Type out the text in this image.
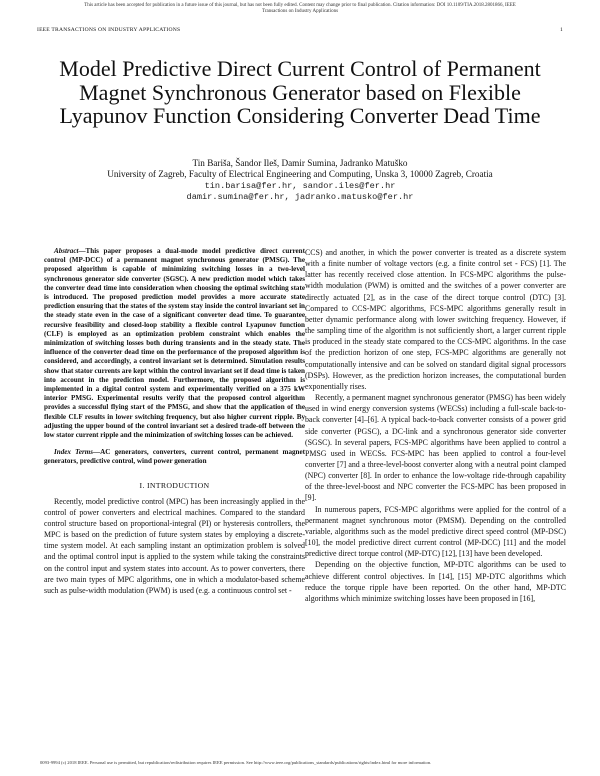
This article has been accepted for publication in a future issue of this journal, but has not been fully edited. Content may change prior to final publication. Citation information: DOI 10.1109/TIA.2018.2801866, IEEE
Transactions on Industry Applications
IEEE TRANSACTIONS ON INDUSTRY APPLICATIONS	1
Model Predictive Direct Current Control of Permanent Magnet Synchronous Generator based on Flexible Lyapunov Function Considering Converter Dead Time
Tin Bariša, Šandor Ileš, Damir Sumina, Jadranko Matuško
University of Zagreb, Faculty of Electrical Engineering and Computing, Unska 3, 10000 Zagreb, Croatia
tin.barisa@fer.hr, sandor.iles@fer.hr
damir.sumina@fer.hr, jadranko.matusko@fer.hr

Abstract—This paper proposes a dual-mode model predictive direct current control (MP-DCC) of a permanent magnet synchronous generator (PMSG). The proposed algorithm is capable of minimizing switching losses in a two-level synchronous generator side converter (SGSC). A new prediction model which takes the converter dead time into consideration when choosing the optimal switching state is introduced. The proposed prediction model provides a more accurate state prediction ensuring that the states of the system stay inside the control invariant set in the steady state even in the case of a significant converter dead time. To guarantee recursive feasibility and closed-loop stability a flexible control Lyapunov function (CLF) is employed as an optimization problem constraint which enables the minimization of switching losses both during transients and in the steady state. The influence of the converter dead time on the performance of the proposed algorithm is considered, and accordingly, a control invariant set is determined. Simulation results show that stator currents are kept within the control invariant set if dead time is taken into account in the prediction model. Furthermore, the proposed algorithm is implemented in a digital control system and experimentally verified on a 375 kW interior PMSG. Experimental results verify that the proposed control algorithm provides a successful flying start of the PMSG, and show that the application of the flexible CLF results in lower switching frequency, but also higher current ripple. By adjusting the upper bound of the control invariant set a desired trade-off between the low stator current ripple and the minimization of switching losses can be achieved.

Index Terms—AC generators, converters, current control, permanent magnet generators, predictive control, wind power generation

I. INTRODUCTION

Recently, model predictive control (MPC) has been increasingly applied in the control of power converters and electrical machines. Compared to the standard control structure based on proportional-integral (PI) or hysteresis controllers, the MPC is based on the prediction of future system states by employing a discrete-time system model. At each sampling instant an optimization problem is solved and the optimal control input is applied to the system while taking the constraints on the control input and system states into account. As to power converters, there are two main types of MPC algorithms, one in which a modulator-based scheme such as pulse-width modulation (PWM) is used (e.g. a continuous control set -

CCS) and another, in which the power converter is treated as a discrete system with a finite number of voltage vectors (e.g. a finite control set - FCS) [1]. The latter has recently received close attention. In FCS-MPC algorithms the pulse-width modulation (PWM) is omitted and the switches of a power converter are directly actuated [2], as in the case of the direct torque control (DTC) [3]. Compared to CCS-MPC algorithms, FCS-MPC algorithms generally result in better dynamic performance along with lower switching frequency. However, if the sampling time of the algorithm is not sufficiently short, a larger current ripple is produced in the steady state compared to the CCS-MPC algorithms. In the case of the prediction horizon of one step, FCS-MPC algorithms are generally not computationally intensive and can be solved on standard digital signal processors (DSPs). However, as the prediction horizon increases, the computational burden exponentially rises.

Recently, a permanent magnet synchronous generator (PMSG) has been widely used in wind energy conversion systems (WECSs) including a full-scale back-to-back converter [4]–[6]. A typical back-to-back converter consists of a power grid side converter (PGSC), a DC-link and a synchronous generator side converter (SGSC). In several papers, FCS-MPC algorithms have been applied to control a PMSG used in WECSs. FCS-MPC has been applied to control a four-level converter [7] and a three-level-boost converter along with a neutral point clamped (NPC) converter [8]. In order to enhance the low-voltage ride-through capability of the three-level-boost and NPC converter the FCS-MPC has been proposed in [9].

In numerous papers, FCS-MPC algorithms were applied for the control of a permanent magnet synchronous motor (PMSM). Depending on the controlled variable, algorithms such as the model predictive direct speed control (MP-DSC) [10], the model predictive direct current control (MP-DCC) [11] and the model predictive direct torque control (MP-DTC) [12], [13] have been developed.

Depending on the objective function, MP-DTC algorithms can be used to achieve different control objectives. In [14], [15] MP-DTC algorithms which reduce the torque ripple have been reported. On the other hand, MP-DTC algorithms which minimize switching losses have been proposed in [16],

0093-9994 (c) 2018 IEEE. Personal use is permitted, but republication/redistribution requires IEEE permission. See http://www.ieee.org/publications_standards/publications/rights/index.html for more information.
